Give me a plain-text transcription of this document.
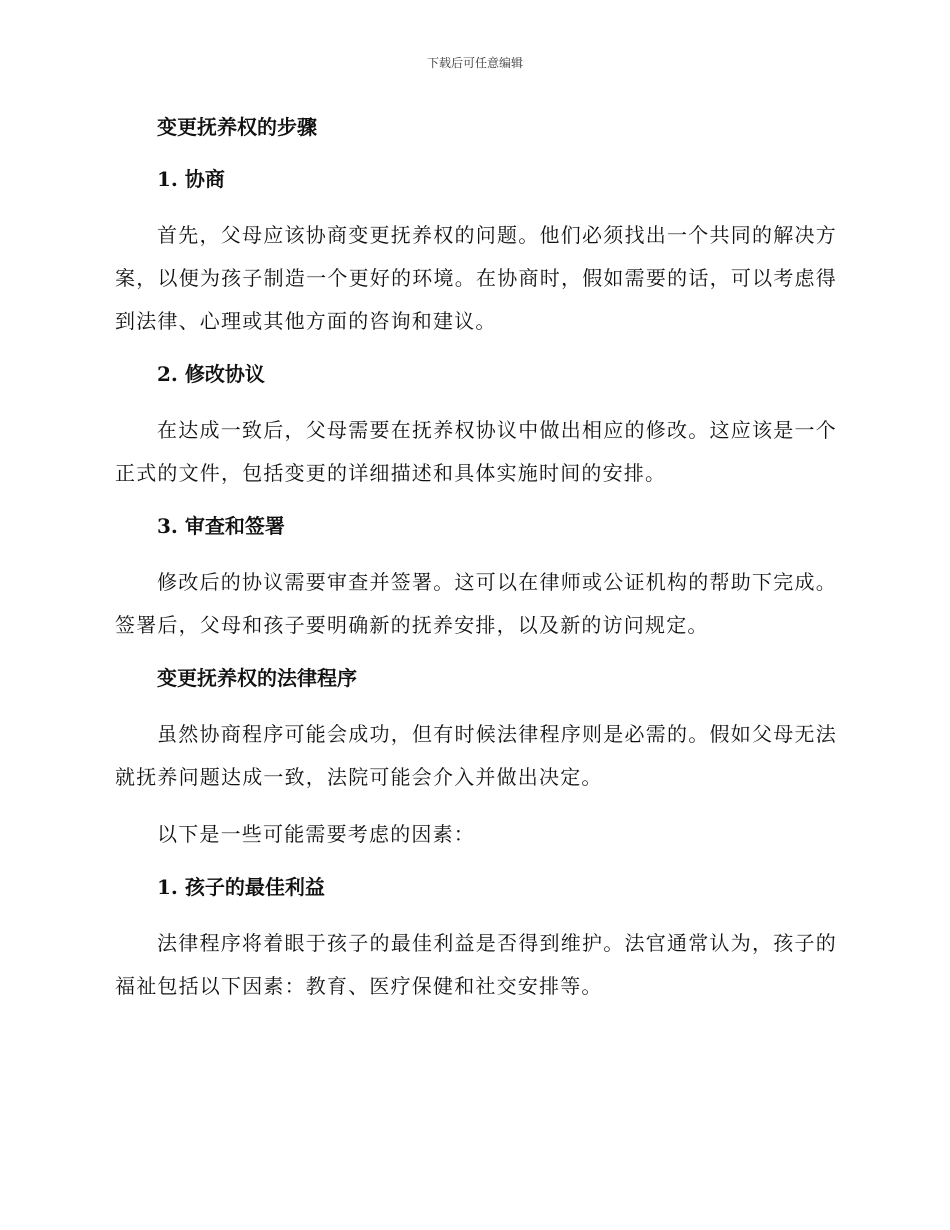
下载后可任意编辑

变更抚养权的步骤

1. 协商

首先，父母应该协商变更抚养权的问题。他们必须找出一个共同的解决方案，以便为孩子制造一个更好的环境。在协商时，假如需要的话，可以考虑得到法律、心理或其他方面的咨询和建议。

2. 修改协议

在达成一致后，父母需要在抚养权协议中做出相应的修改。这应该是一个正式的文件，包括变更的详细描述和具体实施时间的安排。

3. 审查和签署

修改后的协议需要审查并签署。这可以在律师或公证机构的帮助下完成。签署后，父母和孩子要明确新的抚养安排，以及新的访问规定。

变更抚养权的法律程序

虽然协商程序可能会成功，但有时候法律程序则是必需的。假如父母无法就抚养问题达成一致，法院可能会介入并做出决定。

以下是一些可能需要考虑的因素：

1. 孩子的最佳利益

法律程序将着眼于孩子的最佳利益是否得到维护。法官通常认为，孩子的福祉包括以下因素：教育、医疗保健和社交安排等。
